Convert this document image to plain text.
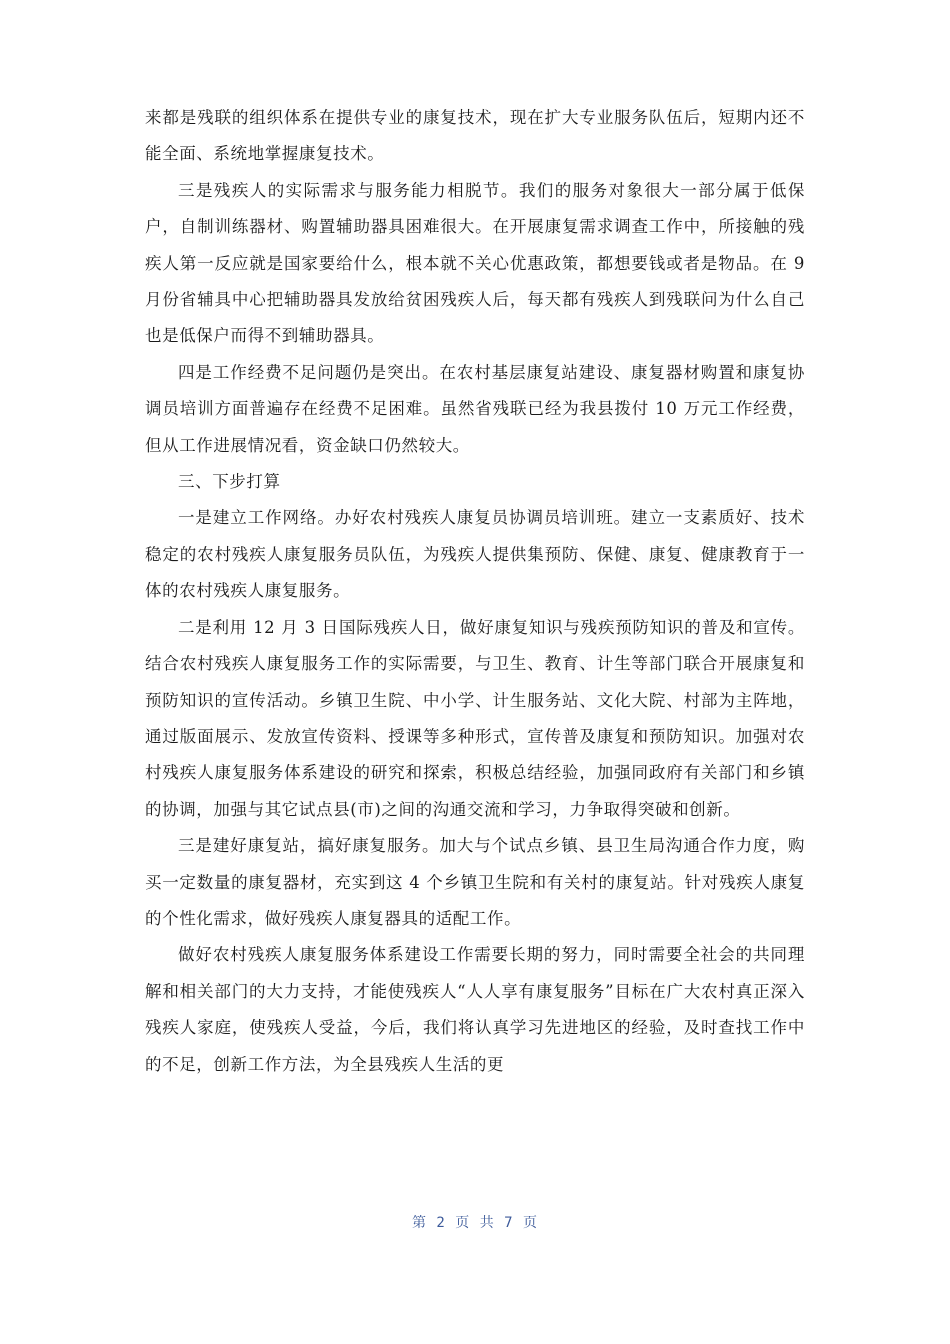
来都是残联的组织体系在提供专业的康复技术，现在扩大专业服务队伍后，短期内还不能全面、系统地掌握康复技术。

三是残疾人的实际需求与服务能力相脱节。我们的服务对象很大一部分属于低保户，自制训练器材、购置辅助器具困难很大。在开展康复需求调查工作中，所接触的残疾人第一反应就是国家要给什么，根本就不关心优惠政策，都想要钱或者是物品。在 9 月份省辅具中心把辅助器具发放给贫困残疾人后，每天都有残疾人到残联问为什么自己也是低保户而得不到辅助器具。

四是工作经费不足问题仍是突出。在农村基层康复站建设、康复器材购置和康复协调员培训方面普遍存在经费不足困难。虽然省残联已经为我县拨付 10 万元工作经费，但从工作进展情况看，资金缺口仍然较大。

三、下步打算

一是建立工作网络。办好农村残疾人康复员协调员培训班。建立一支素质好、技术稳定的农村残疾人康复服务员队伍，为残疾人提供集预防、保健、康复、健康教育于一体的农村残疾人康复服务。

二是利用 12 月 3 日国际残疾人日，做好康复知识与残疾预防知识的普及和宣传。结合农村残疾人康复服务工作的实际需要，与卫生、教育、计生等部门联合开展康复和预防知识的宣传活动。乡镇卫生院、中小学、计生服务站、文化大院、村部为主阵地，通过版面展示、发放宣传资料、授课等多种形式，宣传普及康复和预防知识。加强对农村残疾人康复服务体系建设的研究和探索，积极总结经验，加强同政府有关部门和乡镇的协调，加强与其它试点县(市)之间的沟通交流和学习，力争取得突破和创新。

三是建好康复站，搞好康复服务。加大与个试点乡镇、县卫生局沟通合作力度，购买一定数量的康复器材，充实到这 4 个乡镇卫生院和有关村的康复站。针对残疾人康复的个性化需求，做好残疾人康复器具的适配工作。

做好农村残疾人康复服务体系建设工作需要长期的努力，同时需要全社会的共同理解和相关部门的大力支持，才能使残疾人“人人享有康复服务”目标在广大农村真正深入残疾人家庭，使残疾人受益，今后，我们将认真学习先进地区的经验，及时查找工作中的不足，创新工作方法，为全县残疾人生活的更

第 2 页 共 7 页
